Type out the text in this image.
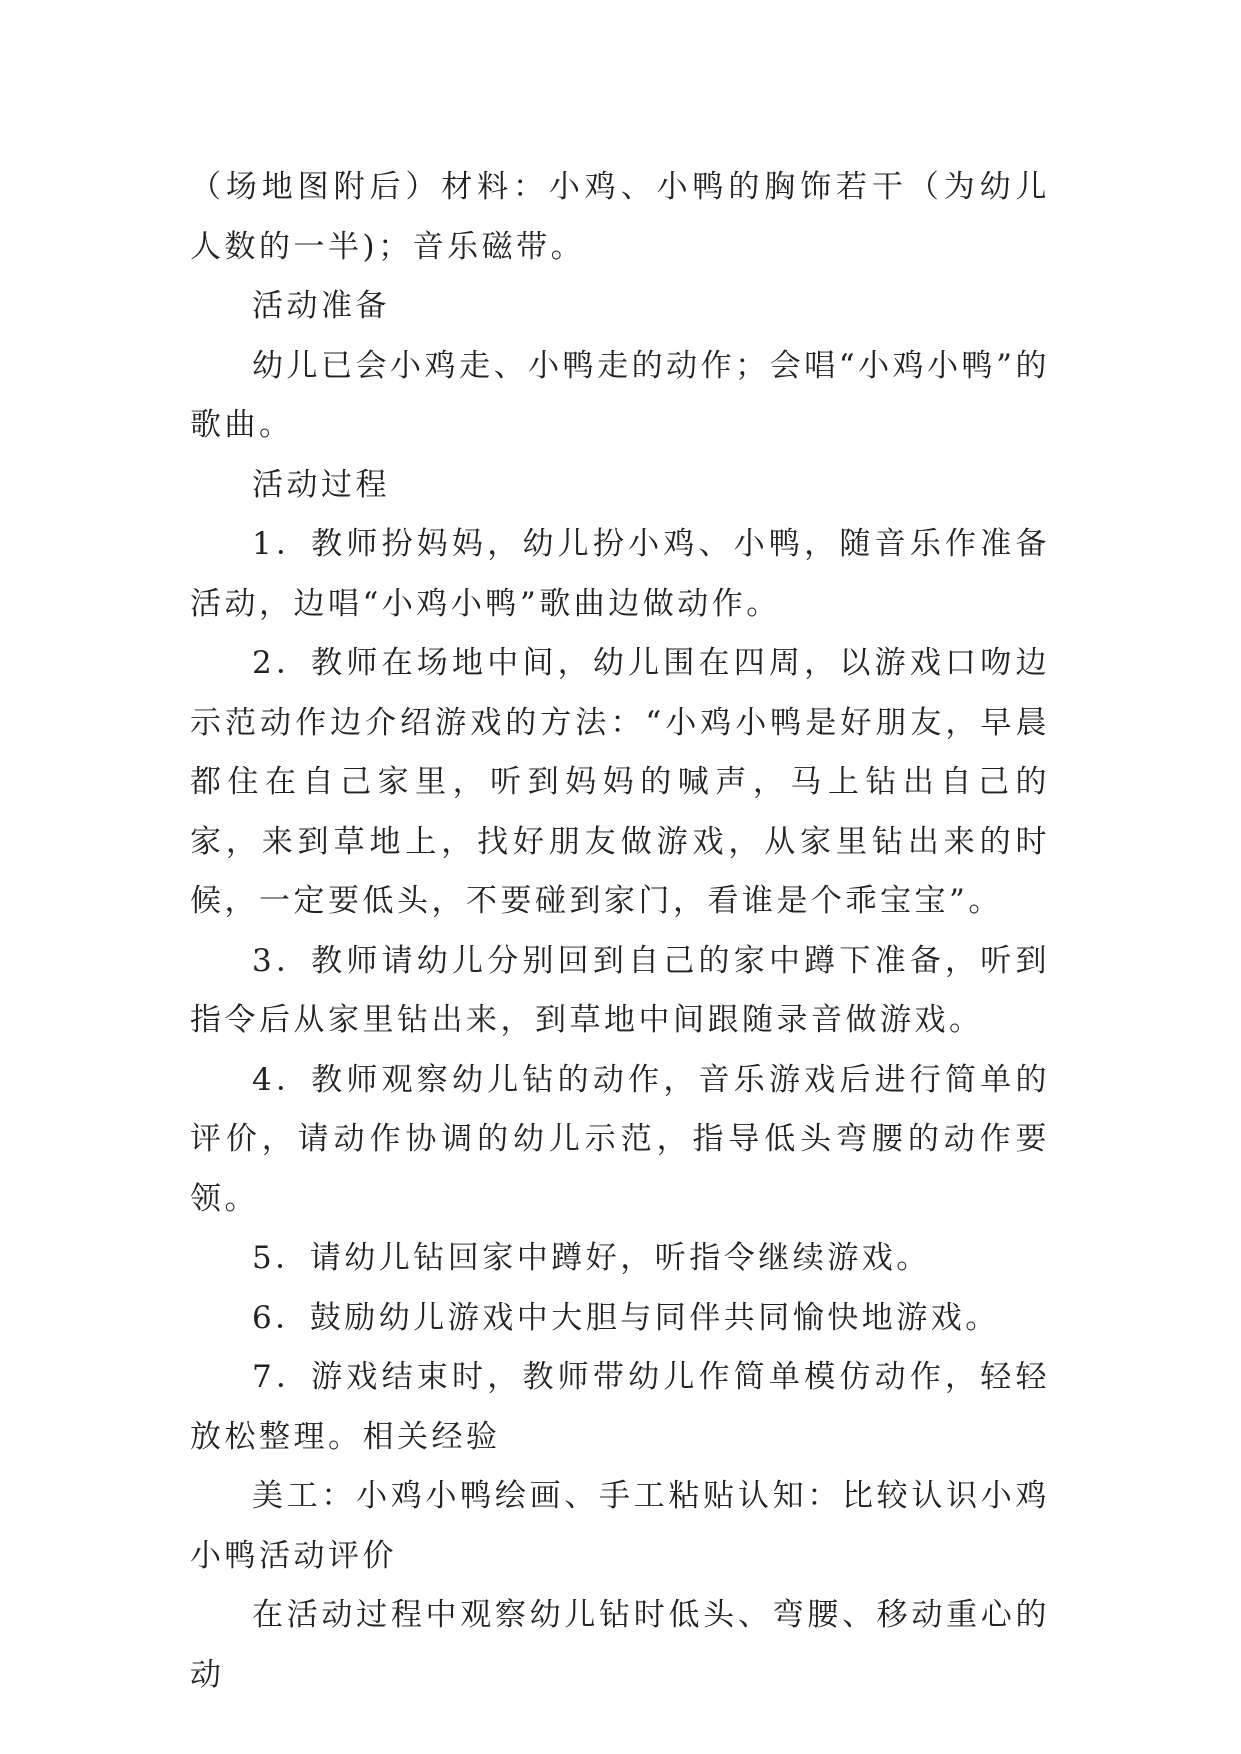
（场地图附后）材料：小鸡、小鸭的胸饰若干（为幼儿人数的一半)；音乐磁带。

活动准备

幼儿已会小鸡走、小鸭走的动作；会唱“小鸡小鸭”的歌曲。

活动过程

1．教师扮妈妈，幼儿扮小鸡、小鸭，随音乐作准备活动，边唱“小鸡小鸭”歌曲边做动作。

2．教师在场地中间，幼儿围在四周，以游戏口吻边示范动作边介绍游戏的方法：“小鸡小鸭是好朋友，早晨都住在自己家里，听到妈妈的喊声，马上钻出自己的家，来到草地上，找好朋友做游戏，从家里钻出来的时候，一定要低头，不要碰到家门，看谁是个乖宝宝”。

3．教师请幼儿分别回到自己的家中蹲下准备，听到指令后从家里钻出来，到草地中间跟随录音做游戏。

4．教师观察幼儿钻的动作，音乐游戏后进行简单的评价，请动作协调的幼儿示范，指导低头弯腰的动作要领。

5．请幼儿钻回家中蹲好，听指令继续游戏。

6．鼓励幼儿游戏中大胆与同伴共同愉快地游戏。

7．游戏结束时，教师带幼儿作简单模仿动作，轻轻放松整理。相关经验

美工：小鸡小鸭绘画、手工粘贴认知：比较认识小鸡小鸭活动评价

在活动过程中观察幼儿钻时低头、弯腰、移动重心的动
